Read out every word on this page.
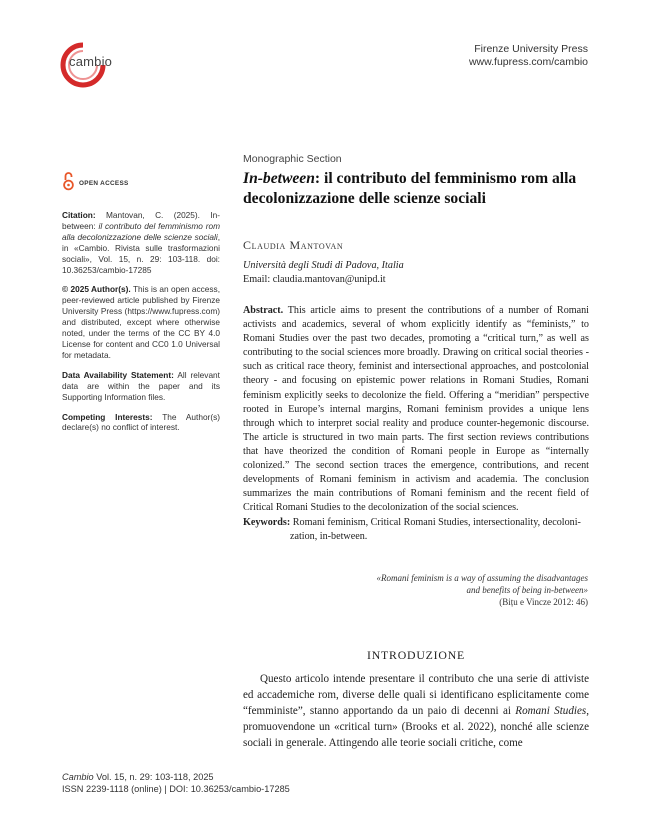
cambio
Firenze University Press
www.fupress.com/cambio
OPEN ACCESS

Citation: Mantovan, C. (2025). In-between: il contributo del femminismo rom alla decolonizzazione delle scienze sociali, in «Cambio. Rivista sulle trasformazioni sociali», Vol. 15, n. 29: 103-118. doi: 10.36253/cambio-17285

© 2025 Author(s). This is an open access, peer-reviewed article published by Firenze University Press (https://www.fupress.com) and distributed, except where otherwise noted, under the terms of the CC BY 4.0 License for content and CC0 1.0 Universal for metadata.

Data Availability Statement: All relevant data are within the paper and its Supporting Information files.

Competing Interests: The Author(s) declare(s) no conflict of interest.

Monographic Section
In-between: il contributo del femminismo rom alla decolonizzazione delle scienze sociali
Claudia Mantovan
Università degli Studi di Padova, Italia
Email: claudia.mantovan@unipd.it
Abstract. This article aims to present the contributions of a number of Romani activists and academics, several of whom explicitly identify as “feminists,” to Romani Studies over the past two decades, promoting a “critical turn,” as well as contributing to the social sciences more broadly. Drawing on critical social theories - such as critical race theory, feminist and intersectional approaches, and postcolonial theory - and focusing on epistemic power relations in Romani Studies, Romani feminism explicitly seeks to decolonize the field. Offering a “meridian” perspective rooted in Europe’s internal margins, Romani feminism provides a unique lens through which to interpret social reality and produce counter-hegemonic discourse. The article is structured in two main parts. The first section reviews contributions that have theorized the condition of Romani people in Europe as “internally colonized.” The second section traces the emergence, contributions, and recent developments of Romani feminism in activism and academia. The conclusion summarizes the main contributions of Romani feminism and the recent field of Critical Romani Studies to the decolonization of the social sciences.
Keywords: Romani feminism, Critical Romani Studies, intersectionality, decoloni-
zation, in-between.
«Romani feminism is a way of assuming the disadvantages
and benefits of being in-between»
(Bițu e Vincze 2012: 46)
INTRODUZIONE

Questo articolo intende presentare il contributo che una serie di attiviste ed accademiche rom, diverse delle quali si identificano esplicitamente come “femministe”, stanno apportando da un paio di decenni ai Romani Studies, promuovendone un «critical turn» (Brooks et al. 2022), nonché alle scienze sociali in generale. Attingendo alle teorie sociali critiche, come

Cambio Vol. 15, n. 29: 103-118, 2025
ISSN 2239-1118 (online) | DOI: 10.36253/cambio-17285
